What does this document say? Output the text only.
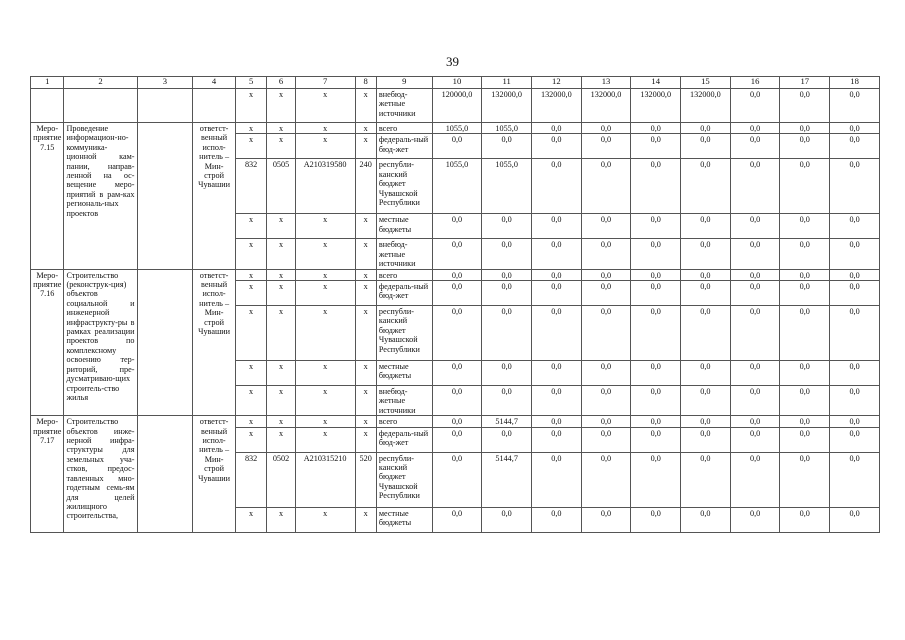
39
1	2	3	4	5	6	7	8	9	10	11	12	13	14	15	16	17	18
				x	x	x	x	внебюд-жетные источники	120000,0	132000,0	132000,0	132000,0	132000,0	132000,0	0,0	0,0	0,0
Меро-приятие 7.15	Проведение информацион-но-коммуника-ционной кам-пании, направ-ленной на ос-вещение меро-приятий в рам-ках региональ-ных проектов		ответст-венный испол-нитель – Мин-строй Чувашии	x	x	x	x	всего	1055,0	1055,0	0,0	0,0	0,0	0,0	0,0	0,0	0,0
				x	x	x	x	федераль-ный бюд-жет	0,0	0,0	0,0	0,0	0,0	0,0	0,0	0,0	0,0
				832	0505	A210319580	240	республи-канский бюджет Чувашской Республики	1055,0	1055,0	0,0	0,0	0,0	0,0	0,0	0,0	0,0
				x	x	x	x	местные бюджеты	0,0	0,0	0,0	0,0	0,0	0,0	0,0	0,0	0,0
				x	x	x	x	внебюд-жетные источники	0,0	0,0	0,0	0,0	0,0	0,0	0,0	0,0	0,0
Меро-приятие 7.16	Строительство (реконструк-ция) объектов социальной и инженерной инфраструкту-ры в рамках реализации проектов по комплексному освоению тер-риторий, пре-дусматриваю-щих строитель-ство жилья		ответст-венный испол-нитель – Мин-строй Чувашии	x	x	x	x	всего	0,0	0,0	0,0	0,0	0,0	0,0	0,0	0,0	0,0
				x	x	x	x	федераль-ный бюд-жет	0,0	0,0	0,0	0,0	0,0	0,0	0,0	0,0	0,0
				x	x	x	x	республи-канский бюджет Чувашской Республики	0,0	0,0	0,0	0,0	0,0	0,0	0,0	0,0	0,0
				x	x	x	x	местные бюджеты	0,0	0,0	0,0	0,0	0,0	0,0	0,0	0,0	0,0
				x	x	x	x	внебюд-жетные источники	0,0	0,0	0,0	0,0	0,0	0,0	0,0	0,0	0,0
Меро-приятие 7.17	Строительство объектов инже-нерной инфра-структуры для земельных уча-стков, предос-тавленных мно-годетным семь-ям для целей жилищного строительства,		ответст-венный испол-нитель – Мин-строй Чувашии	x	x	x	x	всего	0,0	5144,7	0,0	0,0	0,0	0,0	0,0	0,0	0,0
				x	x	x	x	федераль-ный бюд-жет	0,0	0,0	0,0	0,0	0,0	0,0	0,0	0,0	0,0
				832	0502	A210315210	520	республи-канский бюджет Чувашской Республики	0,0	5144,7	0,0	0,0	0,0	0,0	0,0	0,0	0,0
				x	x	x	x	местные бюджеты	0,0	0,0	0,0	0,0	0,0	0,0	0,0	0,0	0,0
